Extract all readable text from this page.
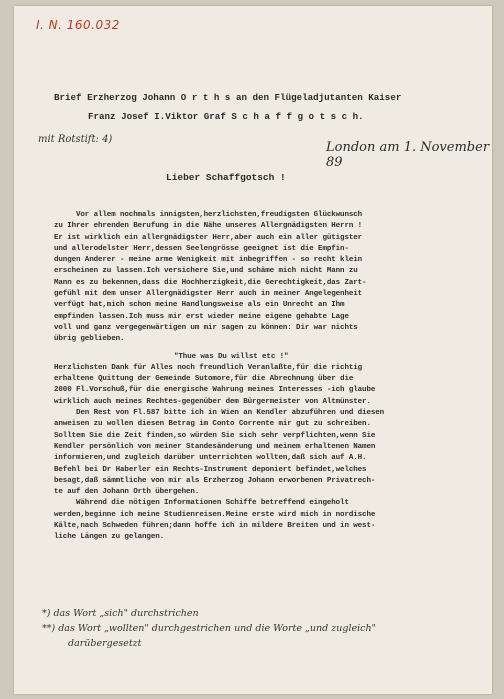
I. N. 160.032
Brief Erzherzog Johann O r t h s an den Flügeladjutanten Kaiser
Franz Josef I.Viktor Graf S c h a f f g o t s c h.
mit Rotstift: 4)
London am 1. November 89
Lieber Schaffgotsch !
Vor allem nochmals innigsten,herzlichsten,freudigsten Glückwunsch
zu Ihrer ehrenden Berufung in die Nähe unseres Allergnädigsten Herrn !
Er ist wirklich ein allergnädigster Herr,aber auch ein aller gütigster
und allerodelster Herr,dessen Seelengrösse geeignet ist die Empfin-
dungen Anderer - meine arme Wenigkeit mit inbegriffen - so recht klein
erscheinen zu lassen.Ich versichere Sie,und schäme mich nicht Mann zu
Mann es zu bekennen,dass die Hochherzigkeit,die Gerechtigkeit,das Zart-
gefühl mit dem unser Allergnädigster Herr auch in meiner Angelegenheit
verfügt hat,mich schon meine Handlungsweise als ein Unrecht an Ihm
empfinden lassen.Ich muss mir erst wieder meine eigene gehabte Lage
voll und ganz vergegenwärtigen um mir sagen zu können: Dir war nichts
übrig geblieben.
"Thue was Du willst etc !"
Herzlichsten Dank für Alles noch freundlich Veranlaßte,für die richtig
erhaltene Quittung der Gemeinde Sutomore,für die Abrechnung über die
2000 Fl.Vorschuß,für die energische Wahrung meines Interesses -ich glaube
wirklich auch meines Rechtes-gegenüber dem Bürgermeister von Altmünster.
Den Rest von Fl.587 bitte ich in Wien an Kendler abzuführen und diesen
anweisen zu wollen diesen Betrag im Conto Corrente mir gut zu schreiben.
Solltem Sie die Zeit finden,so würden Sie sich sehr verpflichten,wenn Sie
Kendler persönlich von meiner Standesänderung und meinem erhaltenen Namen
informieren,und zugleich darüber unterrichten wollten,daß sich auf A.H.
Befehl bei Dr Haberler ein Rechts-Instrument deponiert befindet,welches
besagt,daß sämmtliche von mir als Erzherzog Johann erworbenen Privatrech-
te auf den Johann Orth übergehen.
Während die nötigen Informationen Schiffe betreffend eingeholt
werden,beginne ich meine Studienreisen.Meine erste wird mich in nordische
Kälte,nach Schweden führen;dann hoffe ich in mildere Breiten und in west-
liche Längen zu gelangen.
*) das Wort „sich" durchstrichen
**) das Wort „wollten" durchgestrichen und die Worte „und zugleich"
darübergesetzt
